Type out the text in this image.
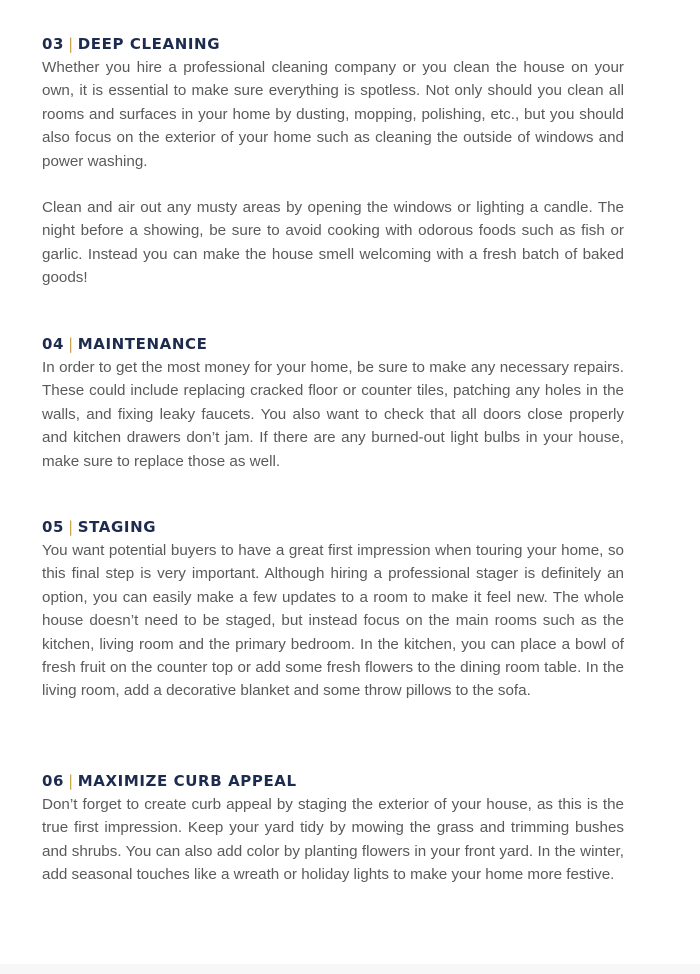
03 | DEEP CLEANING

Whether you hire a professional cleaning company or you clean the house on your own, it is essential to make sure everything is spotless. Not only should you clean all rooms and surfaces in your home by dusting, mopping, polishing, etc., but you should also focus on the exterior of your home such as cleaning the outside of windows and power washing.

Clean and air out any musty areas by opening the windows or lighting a candle. The night before a showing, be sure to avoid cooking with odorous foods such as fish or garlic. Instead you can make the house smell welcoming with a fresh batch of baked goods!

04 | MAINTENANCE

In order to get the most money for your home, be sure to make any necessary repairs. These could include replacing cracked floor or counter tiles, patching any holes in the walls, and fixing leaky faucets. You also want to check that all doors close properly and kitchen drawers don’t jam. If there are any burned-out light bulbs in your house, make sure to replace those as well.

05 | STAGING

You want potential buyers to have a great first impression when touring your home, so this final step is very important. Although hiring a professional stager is definitely an option, you can easily make a few updates to a room to make it feel new. The whole house doesn’t need to be staged, but instead focus on the main rooms such as the kitchen, living room and the primary bedroom. In the kitchen, you can place a bowl of fresh fruit on the counter top or add some fresh flowers to the dining room table. In the living room, add a decorative blanket and some throw pillows to the sofa.

06 | MAXIMIZE CURB APPEAL

Don’t forget to create curb appeal by staging the exterior of your house, as this is the true first impression. Keep your yard tidy by mowing the grass and trimming bushes and shrubs. You can also add color by planting flowers in your front yard. In the winter, add seasonal touches like a wreath or holiday lights to make your home more festive.
